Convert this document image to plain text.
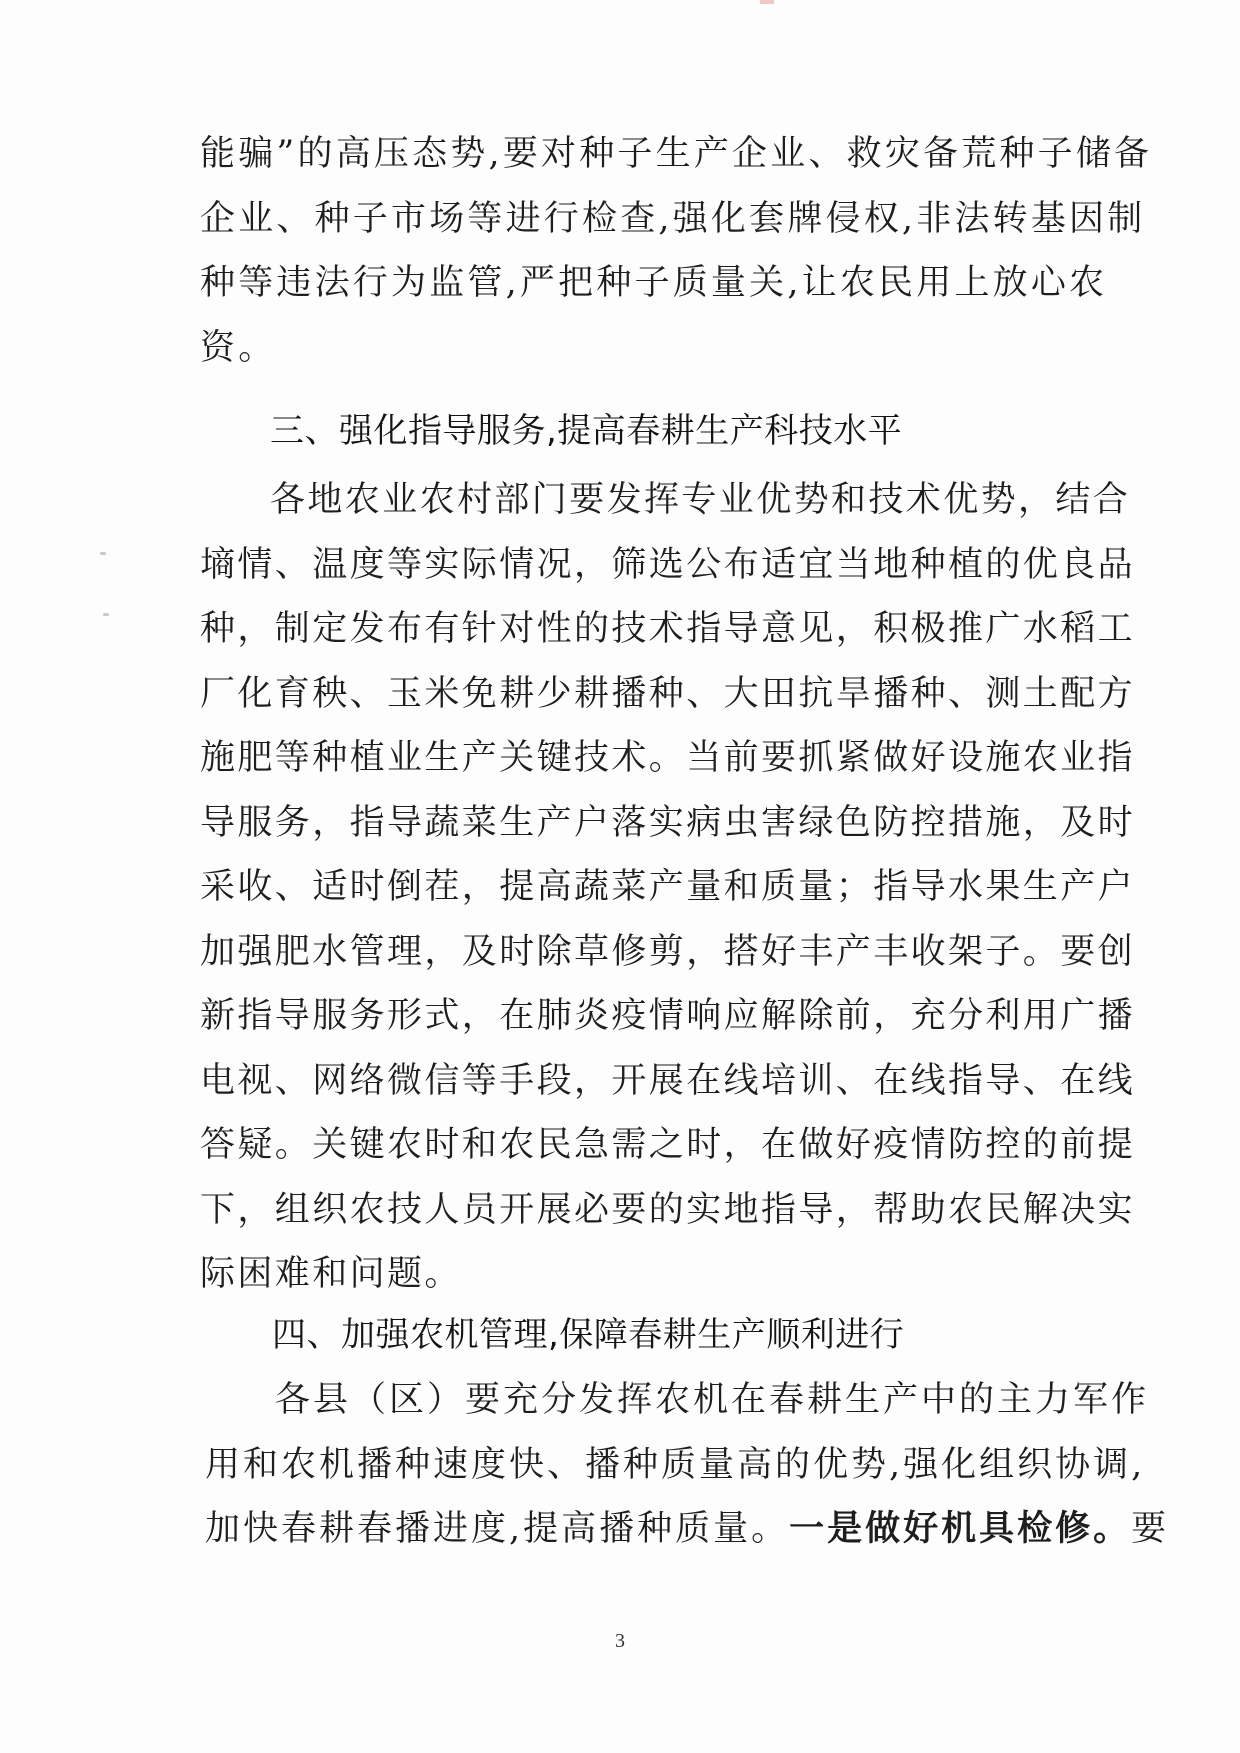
能骗”的高压态势,要对种子生产企业、救灾备荒种子储备
企业、种子市场等进行检查,强化套牌侵权,非法转基因制
种等违法行为监管,严把种子质量关,让农民用上放心农
资。
三、强化指导服务,提高春耕生产科技水平
各地农业农村部门要发挥专业优势和技术优势，结合
墒情、温度等实际情况，筛选公布适宜当地种植的优良品
种，制定发布有针对性的技术指导意见，积极推广水稻工
厂化育秧、玉米免耕少耕播种、大田抗旱播种、测土配方
施肥等种植业生产关键技术。当前要抓紧做好设施农业指
导服务，指导蔬菜生产户落实病虫害绿色防控措施，及时
采收、适时倒茬，提高蔬菜产量和质量；指导水果生产户
加强肥水管理，及时除草修剪，搭好丰产丰收架子。要创
新指导服务形式，在肺炎疫情响应解除前，充分利用广播
电视、网络微信等手段，开展在线培训、在线指导、在线
答疑。关键农时和农民急需之时，在做好疫情防控的前提
下，组织农技人员开展必要的实地指导，帮助农民解决实
际困难和问题。
四、加强农机管理,保障春耕生产顺利进行
各县（区）要充分发挥农机在春耕生产中的主力军作
用和农机播种速度快、播种质量高的优势,强化组织协调,
加快春耕春播进度,提高播种质量。一是做好机具检修。要
3
